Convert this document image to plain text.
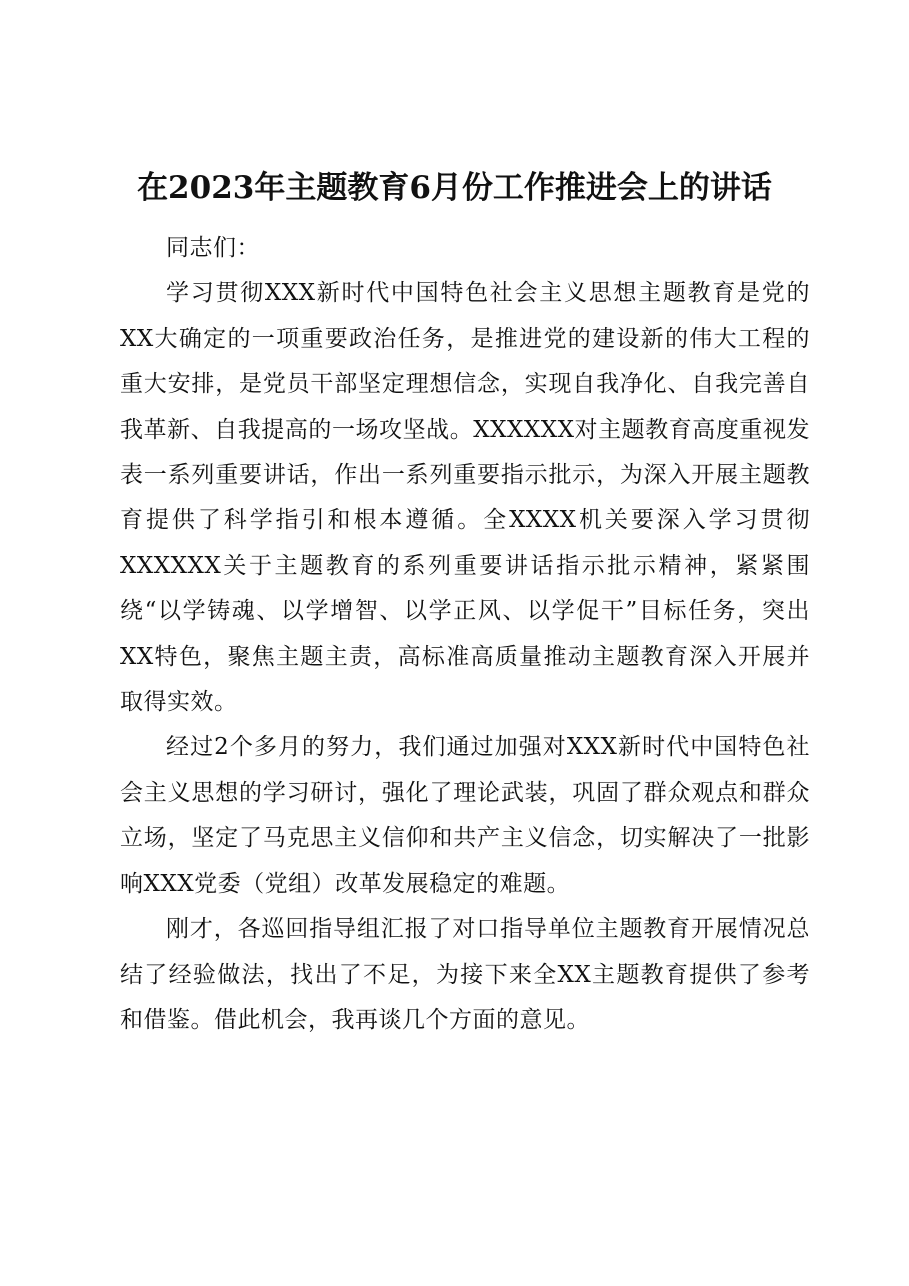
在2023年主题教育6月份工作推进会上的讲话

同志们：

学习贯彻XXX新时代中国特色社会主义思想主题教育是党的XX大确定的一项重要政治任务，是推进党的建设新的伟大工程的重大安排，是党员干部坚定理想信念，实现自我净化、自我完善自我革新、自我提高的一场攻坚战。XXXXXX对主题教育高度重视发表一系列重要讲话，作出一系列重要指示批示，为深入开展主题教育提供了科学指引和根本遵循。全XXXX机关要深入学习贯彻XXXXXX关于主题教育的系列重要讲话指示批示精神，紧紧围绕“以学铸魂、以学增智、以学正风、以学促干”目标任务，突出XX特色，聚焦主题主责，高标准高质量推动主题教育深入开展并取得实效。

经过2个多月的努力，我们通过加强对XXX新时代中国特色社会主义思想的学习研讨，强化了理论武装，巩固了群众观点和群众立场，坚定了马克思主义信仰和共产主义信念，切实解决了一批影响XXX党委（党组）改革发展稳定的难题。

刚才，各巡回指导组汇报了对口指导单位主题教育开展情况总结了经验做法，找出了不足，为接下来全XX主题教育提供了参考和借鉴。借此机会，我再谈几个方面的意见。
